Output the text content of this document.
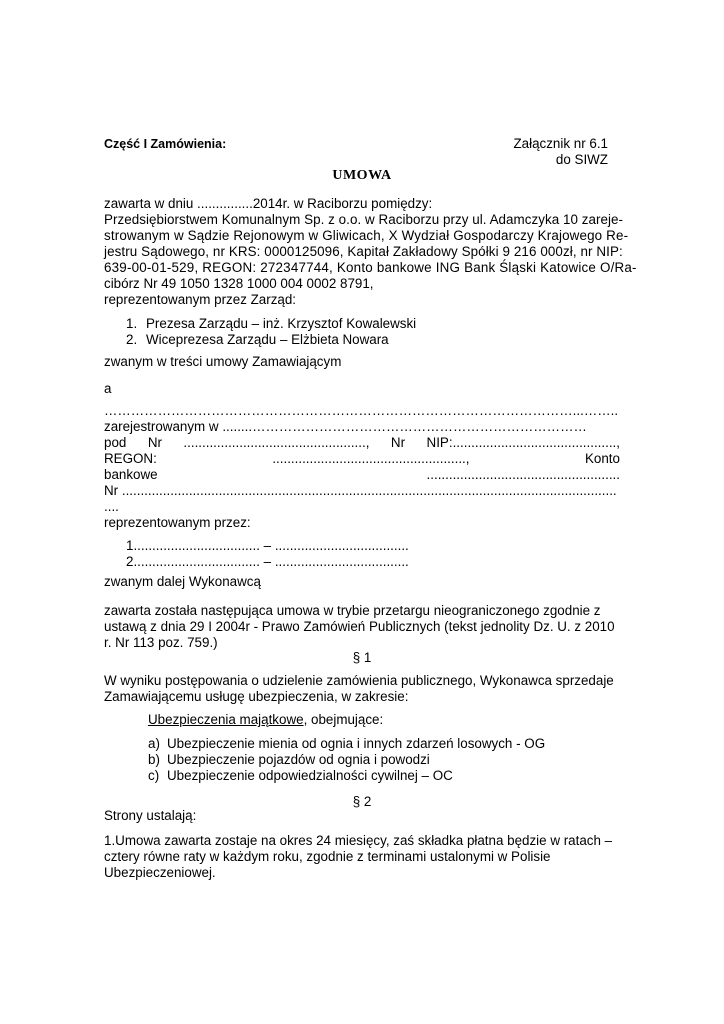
Część I Zamówienia:	Załącznik nr 6.1
do SIWZ
UMOWA
zawarta w dniu ...............2014r. w Raciborzu pomiędzy:
Przedsiębiorstwem Komunalnym Sp. z o.o. w Raciborzu przy ul. Adamczyka 10 zareje-
strowanym w Sądzie Rejonowym w Gliwicach, X Wydział Gospodarczy Krajowego Re-
jestru Sądowego, nr KRS: 0000125096, Kapitał Zakładowy Spółki 9 216 000zł, nr NIP:
639-00-01-529, REGON: 272347744, Konto bankowe ING Bank Śląski Katowice O/Ra-
cibórz Nr 49 1050 1328 1000 004 0002 8791,
reprezentowanym przez Zarząd:
1. Prezesa Zarządu – inż. Krzysztof Kowalewski
2. Wiceprezesa Zarządu – Elżbieta Nowara
zwanym w treści umowy Zamawiającym
a
……………………………………………………………………………………………...……..
zarejestrowanym w ........…………………………………………………………………
pod Nr ................................................., Nr NIP:............................................,
REGON:	....................................................,	Konto
bankowe	....................................................
Nr .....................................................................................................................................
....
reprezentowanym przez:
1.................................. – ....................................
2.................................. – ....................................
zwanym dalej Wykonawcą
zawarta została następująca umowa w trybie przetargu nieograniczonego zgodnie z
ustawą z dnia 29 I 2004r - Prawo Zamówień Publicznych (tekst jednolity Dz. U. z 2010
r. Nr 113 poz. 759.)
§ 1
W wyniku postępowania o udzielenie zamówienia publicznego, Wykonawca sprzedaje
Zamawiającemu usługę ubezpieczenia, w zakresie:
Ubezpieczenia majątkowe, obejmujące:
a) Ubezpieczenie mienia od ognia i innych zdarzeń losowych - OG
b) Ubezpieczenie pojazdów od ognia i powodzi
c) Ubezpieczenie odpowiedzialności cywilnej – OC
§ 2
Strony ustalają:
1.Umowa zawarta zostaje na okres 24 miesięcy, zaś składka płatna będzie w ratach –
cztery równe raty w każdym roku, zgodnie z terminami ustalonymi w Polisie
Ubezpieczeniowej.
